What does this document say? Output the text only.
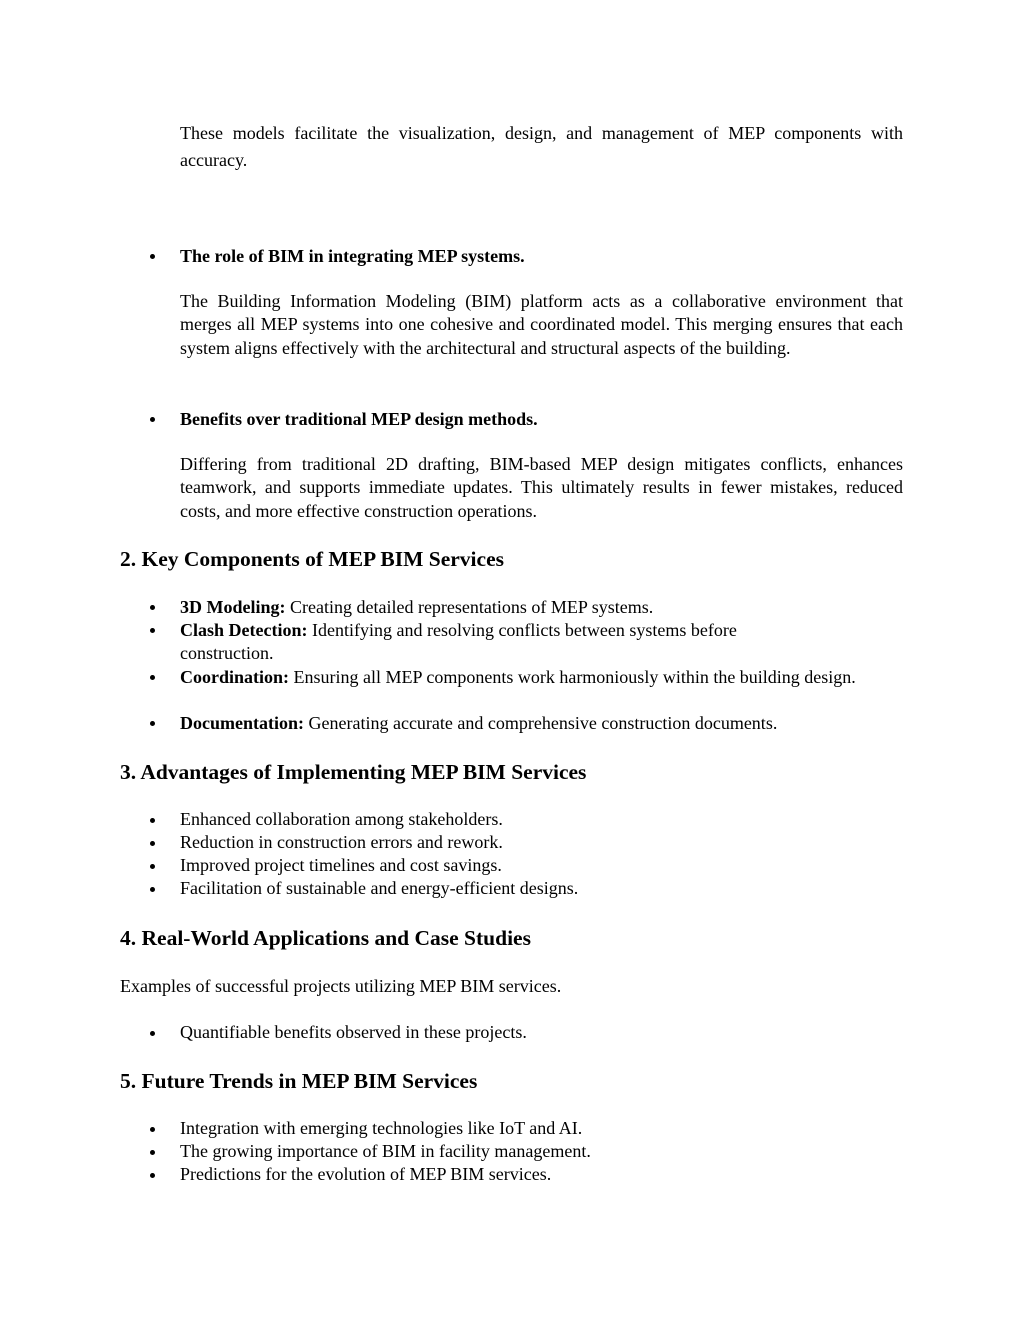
These models facilitate the visualization, design, and management of MEP components with accuracy.

The role of BIM in integrating MEP systems.

The Building Information Modeling (BIM) platform acts as a collaborative environment that merges all MEP systems into one cohesive and coordinated model. This merging ensures that each system aligns effectively with the architectural and structural aspects of the building.

Benefits over traditional MEP design methods.

Differing from traditional 2D drafting, BIM-based MEP design mitigates conflicts, enhances teamwork, and supports immediate updates. This ultimately results in fewer mistakes, reduced costs, and more effective construction operations.

2. Key Components of MEP BIM Services

3D Modeling: Creating detailed representations of MEP systems.

Clash Detection: Identifying and resolving conflicts between systems before construction.

Coordination: Ensuring all MEP components work harmoniously within the building design.

Documentation: Generating accurate and comprehensive construction documents.

3. Advantages of Implementing MEP BIM Services

Enhanced collaboration among stakeholders.

Reduction in construction errors and rework.

Improved project timelines and cost savings.

Facilitation of sustainable and energy-efficient designs.

4. Real-World Applications and Case Studies

Examples of successful projects utilizing MEP BIM services.

Quantifiable benefits observed in these projects.

5. Future Trends in MEP BIM Services

Integration with emerging technologies like IoT and AI.

The growing importance of BIM in facility management.

Predictions for the evolution of MEP BIM services.
